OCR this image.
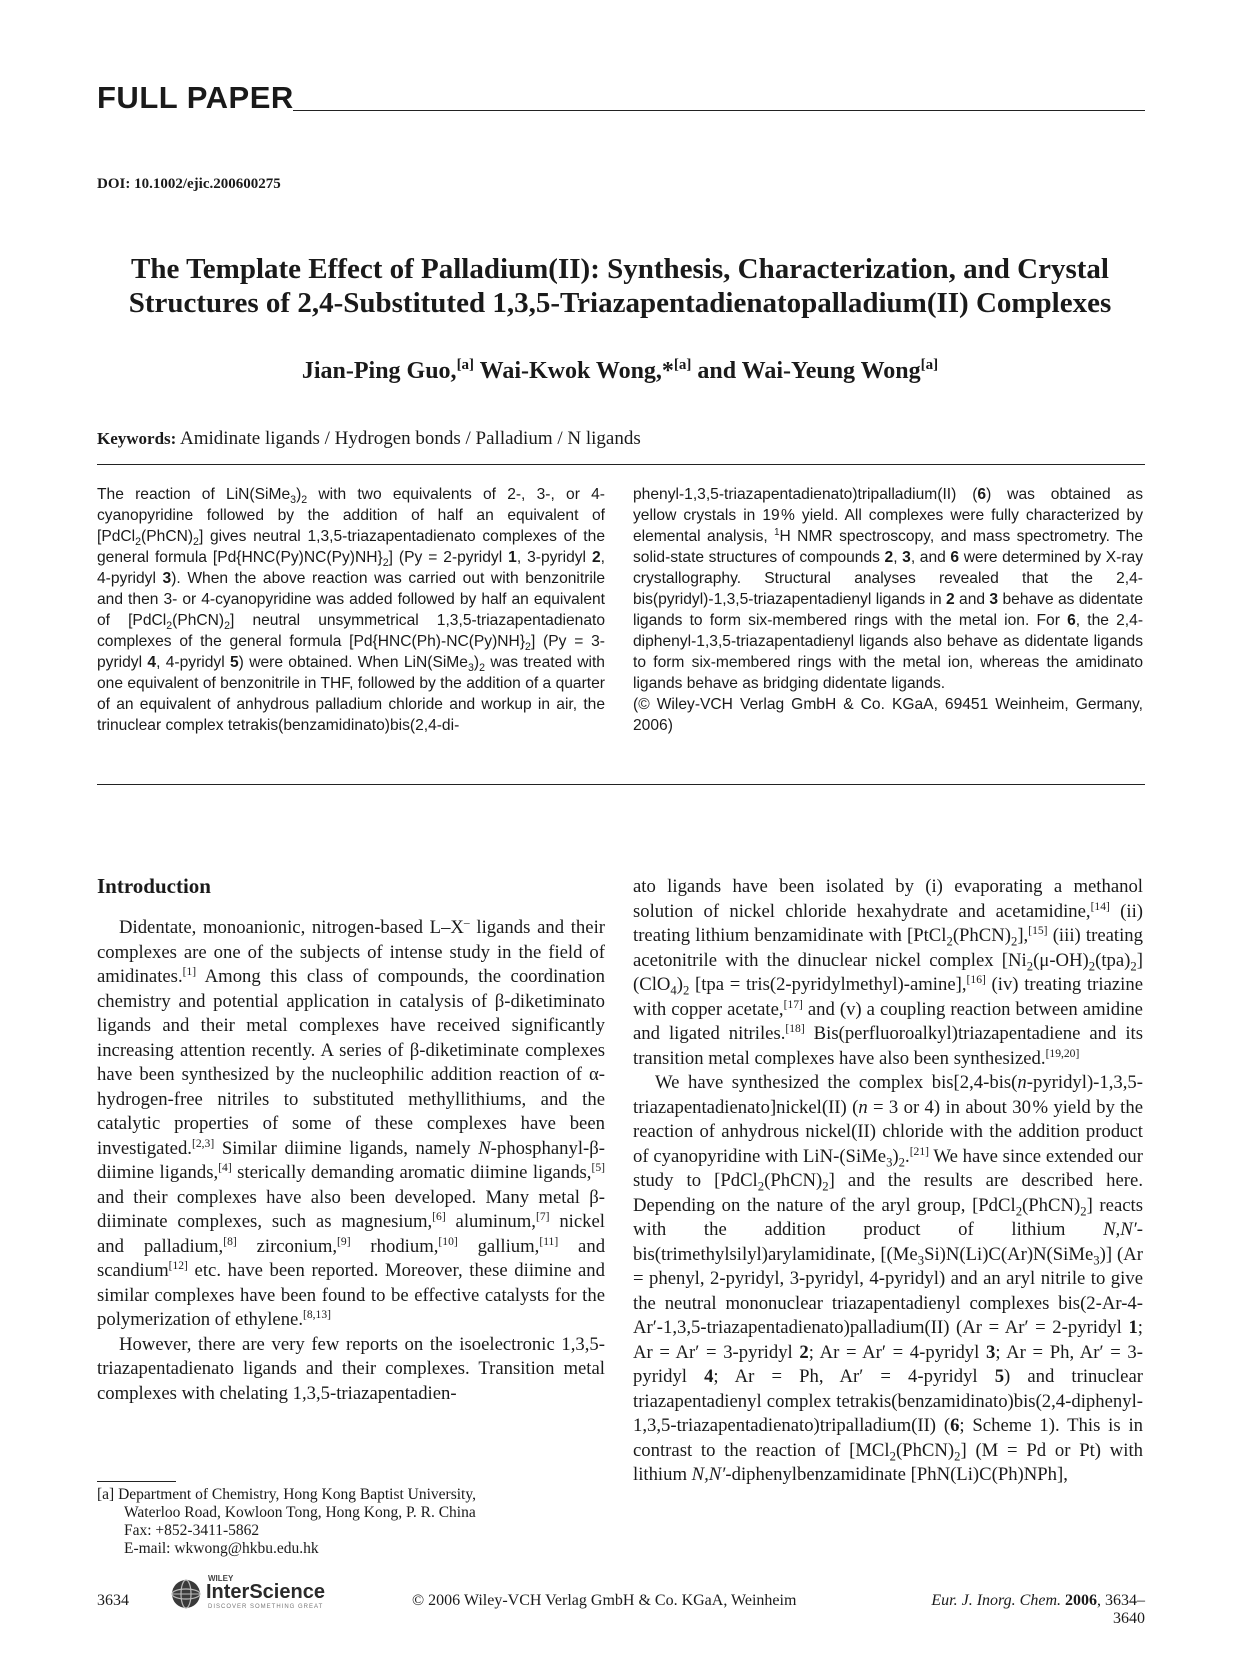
FULL PAPER
DOI: 10.1002/ejic.200600275
The Template Effect of Palladium(II): Synthesis, Characterization, and Crystal
Structures of 2,4-Substituted 1,3,5-Triazapentadienatopalladium(II) Complexes
Jian-Ping Guo,[a] Wai-Kwok Wong,*[a] and Wai-Yeung Wong[a]
Keywords: Amidinate ligands / Hydrogen bonds / Palladium / N ligands
The reaction of $LiN(SiMe_3)_2$ with two equivalents of 2-, 3-, or 4-cyanopyridine followed by the addition of half an equivalent of $[PdCl_2(PhCN)_2]$ gives neutral 1,3,5-triazapentadienato complexes of the general formula $[Pd\{HNC(Py)NC(Py)NH\}_2] (Py$ = 2-pyridyl 1, 3-pyridyl 2, 4-pyridyl 3). When the above reaction was carried out with benzonitrile and then 3- or 4-cyanopyridine was added followed by half an equivalent of $[PdCl_2(PhCN)_2]$ neutral unsymmetrical 1,3,5-triazapentadienato complexes of the general formula $[Pd\{HNC(Ph)-NC(Py)NH\}_2] (Py$ = 3-pyridyl 4, 4-pyridyl 5) were obtained. When $LiN(SiMe_3)_2$ was treated with one equivalent of benzonitrile in THF, followed by the addition of a quarter of an equivalent of anhydrous palladium chloride and workup in air, the trinuclear complex tetrakis(benzamidinato)bis(2,4-di-
phenyl-1,3,5-triazapentadienato)tripalladium(II) (6) was obtained as yellow crystals in 19 % yield. All complexes were fully characterized by elemental analysis, $^1$H NMR spectroscopy, and mass spectrometry. The solid-state structures of compounds 2, 3, and 6 were determined by X-ray crystallography. Structural analyses revealed that the 2,4-bis(pyridyl)-1,3,5-triazapentadienyl ligands in 2 and 3 behave as didentate ligands to form six-membered rings with the metal ion. For 6, the 2,4-diphenyl-1,3,5-triazapentadienyl ligands also behave as didentate ligands to form six-membered rings with the metal ion, whereas the amidinato ligands behave as bridging didentate ligands.
(© Wiley-VCH Verlag GmbH & Co. KGaA, 69451 Weinheim, Germany, 2006)
Introduction

Didentate, monoanionic, nitrogen-based L–X– ligands and their complexes are one of the subjects of intense study in the field of amidinates.[1] Among this class of compounds, the coordination chemistry and potential application in catalysis of β-diketiminato ligands and their metal complexes have received significantly increasing attention recently. A series of β-diketiminate complexes have been synthesized by the nucleophilic addition reaction of α-hydrogen-free nitriles to substituted methyllithiums, and the catalytic properties of some of these complexes have been investigated.[2,3] Similar diimine ligands, namely N-phosphanyl-β-diimine ligands,[4] sterically demanding aromatic diimine ligands,[5] and their complexes have also been developed. Many metal β-diiminate complexes, such as magnesium,[6] aluminum,[7] nickel and palladium,[8] zirconium,[9] rhodium,[10] gallium,[11] and scandium[12] etc. have been reported. Moreover, these diimine and similar complexes have been found to be effective catalysts for the polymerization of ethylene.[8,13]

However, there are very few reports on the isoelectronic 1,3,5-triazapentadienato ligands and their complexes. Transition metal complexes with chelating 1,3,5-triazapentadien-

ato ligands have been isolated by (i) evaporating a methanol solution of nickel chloride hexahydrate and acetamidine,[14] (ii) treating lithium benzamidinate with $[PtCl_2(PhCN)_2],[15]$ (iii) treating acetonitrile with the dinuclear nickel complex $[Ni_2(\mu-OH)_2(tpa)_2](ClO_4)_2$ [tpa = tris(2-pyridylmethyl)-amine],[16] (iv) treating triazine with copper acetate,[17] and (v) a coupling reaction between amidine and ligated nitriles.[18] Bis(perfluoroalkyl)triazapentadiene and its transition metal complexes have also been synthesized.[19,20]

We have synthesized the complex bis[2,4-bis(n-pyridyl)-1,3,5-triazapentadienato]nickel(II) (n = 3 or 4) in about 30 % yield by the reaction of anhydrous nickel(II) chloride with the addition product of cyanopyridine with LiN-$(SiMe_3)_2.[21]$ We have since extended our study to $[PdCl_2(PhCN)_2]$ and the results are described here. Depending on the nature of the aryl group, $[PdCl_2(PhCN)_2]$ reacts with the addition product of lithium N,N′-bis(trimethylsilyl)arylamidinate, $[(Me_3Si)N(Li)C(Ar)N(SiMe_3)] (Ar$ = phenyl, 2-pyridyl, 3-pyridyl, 4-pyridyl) and an aryl nitrile to give the neutral mononuclear triazapentadienyl complexes bis(2-Ar-4-Ar′-1,3,5-triazapentadienato)palladium(II) (Ar = Ar′ = 2-pyridyl 1; Ar = Ar′ = 3-pyridyl 2; Ar = Ar′ = 4-pyridyl 3; Ar = Ph, Ar′ = 3-pyridyl 4; Ar = Ph, Ar′ = 4-pyridyl 5) and trinuclear triazapentadienyl complex tetrakis(benzamidinato)bis(2,4-diphenyl-1,3,5-triazapentadienato)tripalladium(II) (6; Scheme 1). This is in contrast to the reaction of $[MCl_2(PhCN)_2] (M = Pd$ or Pt) with lithium N,N′-diphenylbenzamidinate [PhN(Li)C(Ph)NPh],

[a] Department of Chemistry, Hong Kong Baptist University,
Waterloo Road, Kowloon Tong, Hong Kong, P. R. China
Fax: +852-3411-5862
E-mail: wkwong@hkbu.edu.hk
3634
WILEY
InterScience
DISCOVER SOMETHING GREAT	© 2006 Wiley-VCH Verlag GmbH & Co. KGaA, Weinheim	Eur. J. Inorg. Chem. 2006, 3634–3640
